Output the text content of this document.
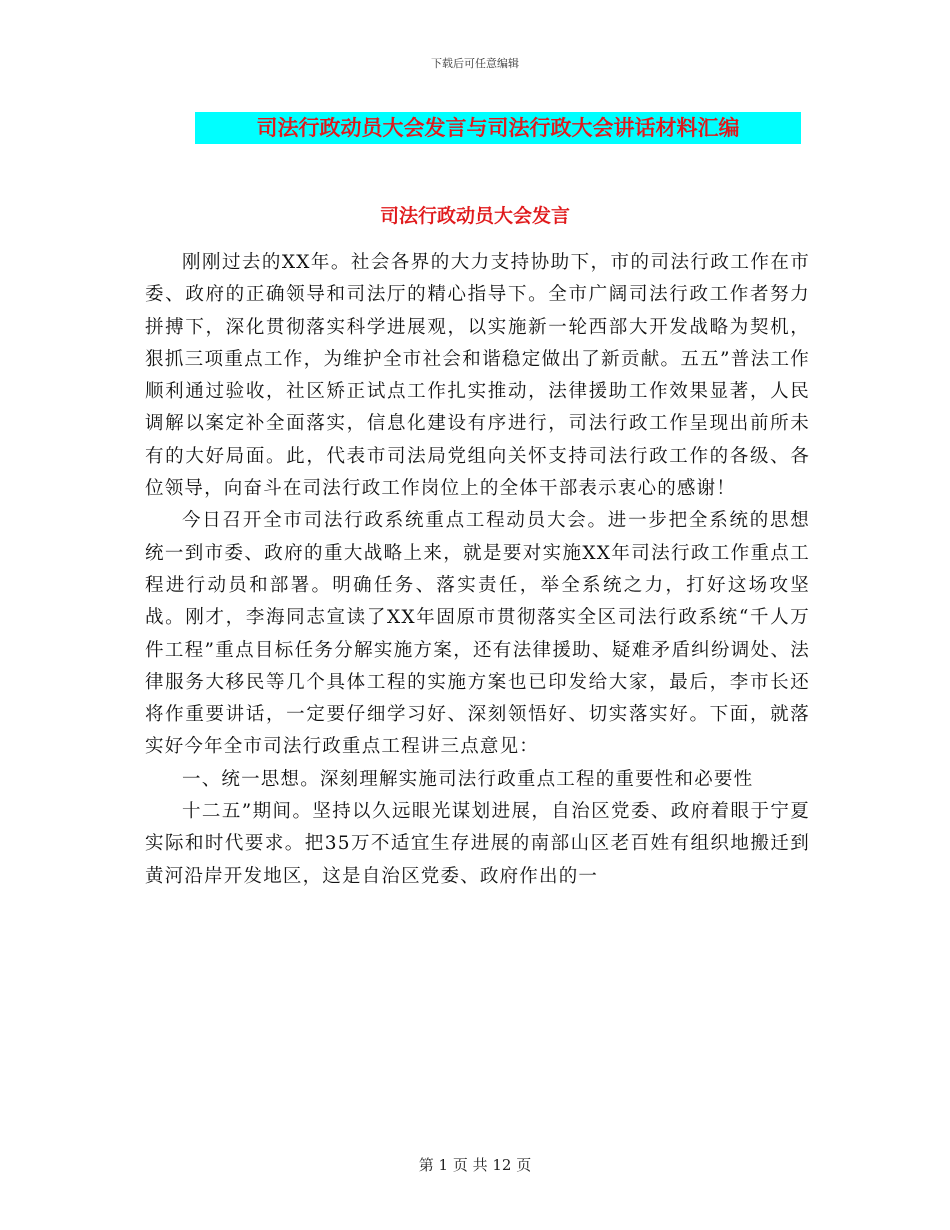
下载后可任意编辑
司法行政动员大会发言与司法行政大会讲话材料汇编
司法行政动员大会发言

刚刚过去的XX年。社会各界的大力支持协助下，市的司法行政工作在市委、政府的正确领导和司法厅的精心指导下。全市广阔司法行政工作者努力拼搏下，深化贯彻落实科学进展观，以实施新一轮西部大开发战略为契机，狠抓三项重点工作，为维护全市社会和谐稳定做出了新贡献。五五”普法工作顺利通过验收，社区矫正试点工作扎实推动，法律援助工作效果显著，人民调解以案定补全面落实，信息化建设有序进行，司法行政工作呈现出前所未有的大好局面。此，代表市司法局党组向关怀支持司法行政工作的各级、各位领导，向奋斗在司法行政工作岗位上的全体干部表示衷心的感谢！

今日召开全市司法行政系统重点工程动员大会。进一步把全系统的思想统一到市委、政府的重大战略上来，就是要对实施XX年司法行政工作重点工程进行动员和部署。明确任务、落实责任，举全系统之力，打好这场攻坚战。刚才，李海同志宣读了XX年固原市贯彻落实全区司法行政系统“千人万件工程”重点目标任务分解实施方案，还有法律援助、疑难矛盾纠纷调处、法律服务大移民等几个具体工程的实施方案也已印发给大家，最后，李市长还将作重要讲话，一定要仔细学习好、深刻领悟好、切实落实好。下面，就落实好今年全市司法行政重点工程讲三点意见：

一、统一思想。深刻理解实施司法行政重点工程的重要性和必要性

十二五”期间。坚持以久远眼光谋划进展，自治区党委、政府着眼于宁夏实际和时代要求。把35万不适宜生存进展的南部山区老百姓有组织地搬迁到黄河沿岸开发地区，这是自治区党委、政府作出的一

第 1 页 共 12 页
